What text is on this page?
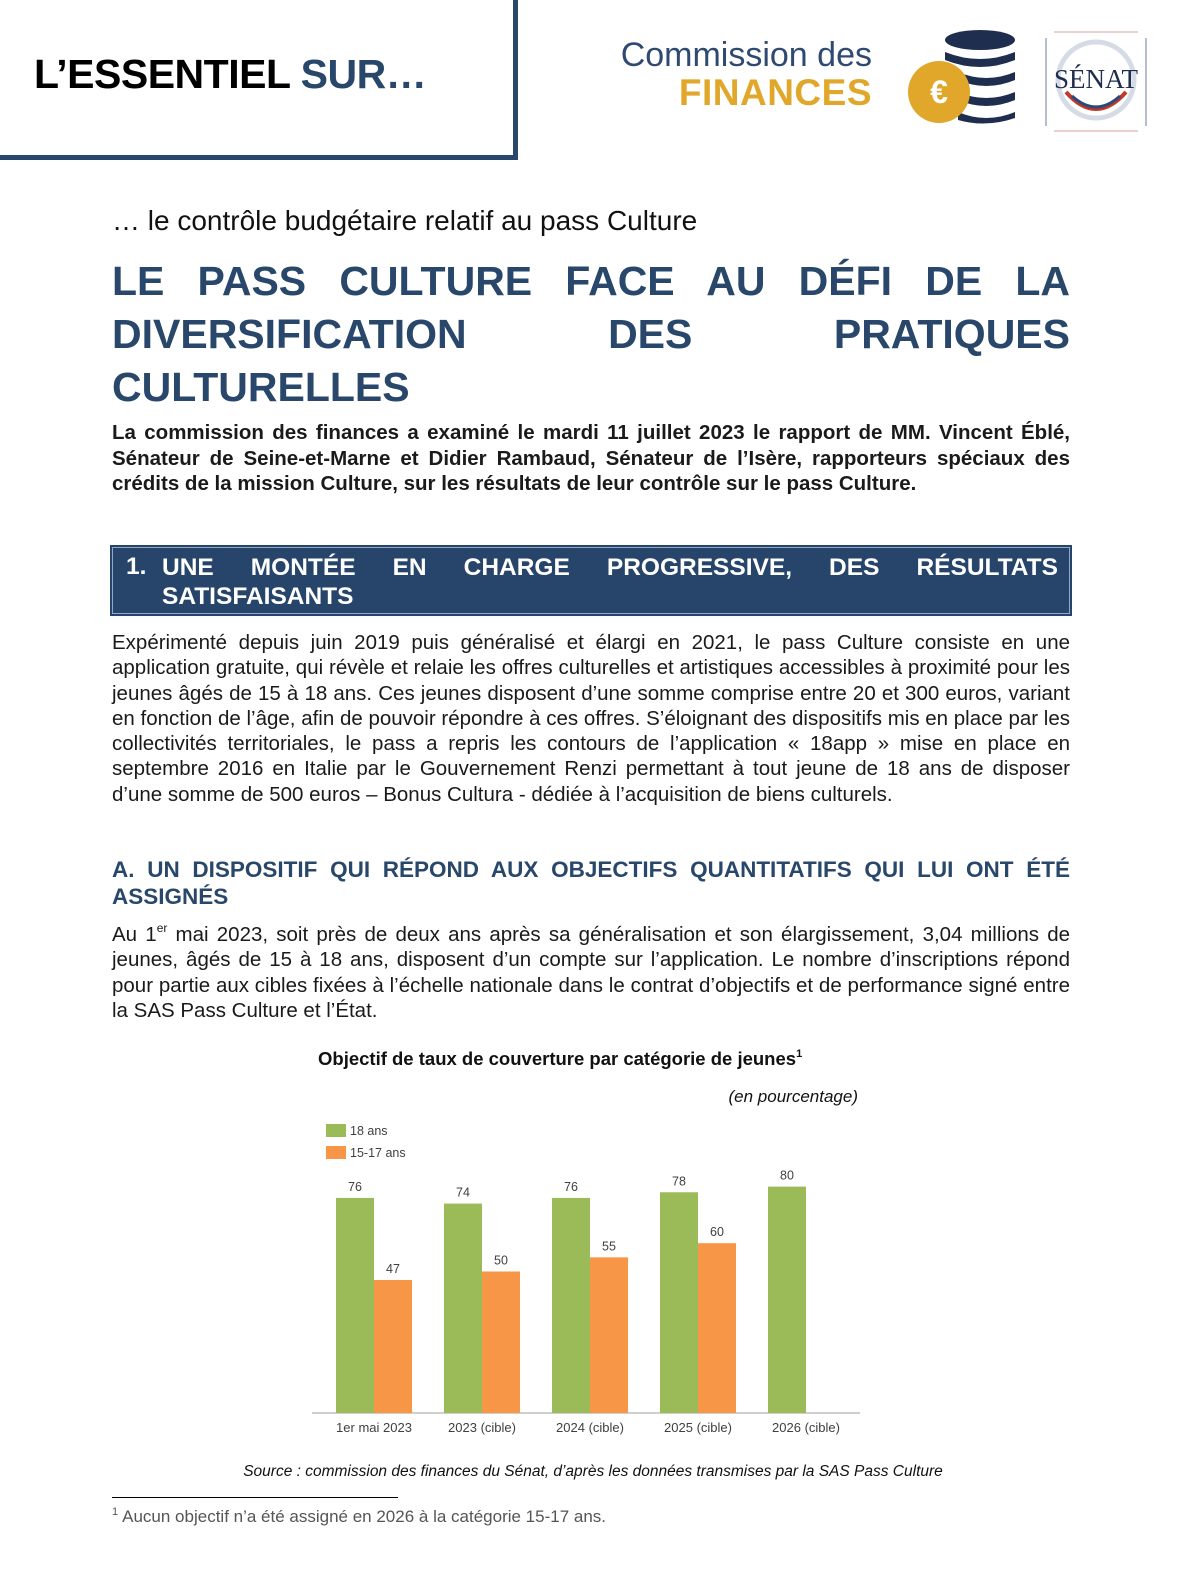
L’ESSENTIEL SUR…	Commission des
FINANCES €	SÉNAT
… le contrôle budgétaire relatif au pass Culture
LE PASS CULTURE FACE AU DÉFI DE LA
DIVERSIFICATION DES PRATIQUES
CULTURELLES
La commission des finances a examiné le mardi 11 juillet 2023 le rapport de MM. Vincent Éblé, Sénateur de Seine-et-Marne et Didier Rambaud, Sénateur de l’Isère, rapporteurs spéciaux des crédits de la mission Culture, sur les résultats de leur contrôle sur le pass Culture.
1. UNE MONTÉE EN CHARGE PROGRESSIVE, DES RÉSULTATS SATISFAISANTS
Expérimenté depuis juin 2019 puis généralisé et élargi en 2021, le pass Culture consiste en une application gratuite, qui révèle et relaie les offres culturelles et artistiques accessibles à proximité pour les jeunes âgés de 15 à 18 ans. Ces jeunes disposent d’une somme comprise entre 20 et 300 euros, variant en fonction de l’âge, afin de pouvoir répondre à ces offres. S’éloignant des dispositifs mis en place par les collectivités territoriales, le pass a repris les contours de l’application « 18app » mise en place en septembre 2016 en Italie par le Gouvernement Renzi permettant à tout jeune de 18 ans de disposer d’une somme de 500 euros – Bonus Cultura - dédiée à l’acquisition de biens culturels.
A. UN DISPOSITIF QUI RÉPOND AUX OBJECTIFS QUANTITATIFS QUI LUI ONT ÉTÉ ASSIGNÉS
Au 1er mai 2023, soit près de deux ans après sa généralisation et son élargissement, 3,04 millions de jeunes, âgés de 15 à 18 ans, disposent d’un compte sur l’application. Le nombre d’inscriptions répond pour partie aux cibles fixées à l’échelle nationale dans le contrat d’objectifs et de performance signé entre la SAS Pass Culture et l’État.
Objectif de taux de couverture par catégorie de jeunes$^1$
(en pourcentage)
76
47
1er mai 2023
74
50
2023 (cible)
76
55
2024 (cible)
78
60
2025 (cible)
80
2026 (cible)
18 ans
15-17 ans
Source : commission des finances du Sénat, d’après les données transmises par la SAS Pass Culture
$^1$ Aucun objectif n’a été assigné en 2026 à la catégorie 15-17 ans.
